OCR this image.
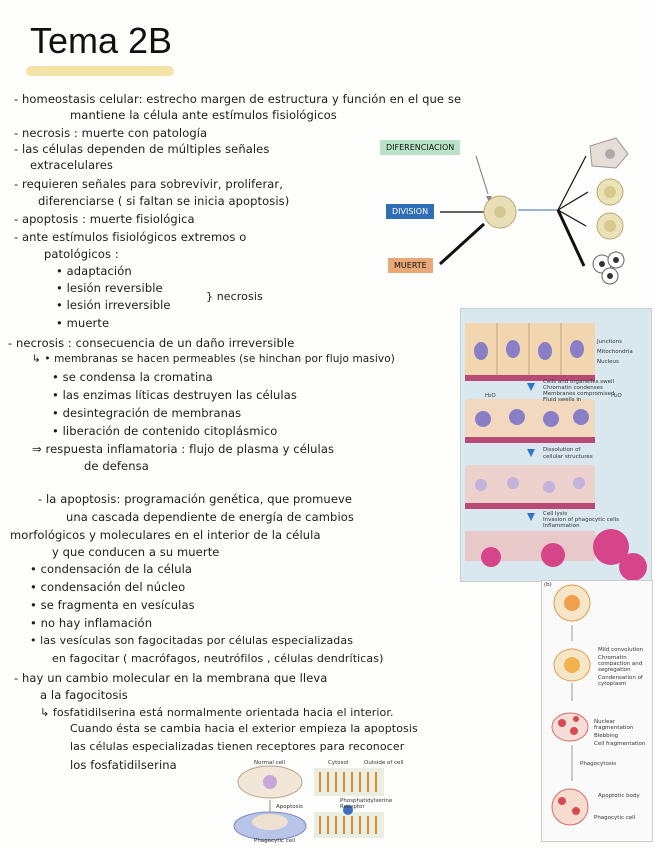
Tema 2B
- homeostasis celular: estrecho margen de estructura y función en el que se
mantiene la célula ante estímulos fisiológicos
- necrosis : muerte con patología
- las células dependen de múltiples señales
extracelulares
- requieren señales para sobrevivir, proliferar,
diferenciarse ( si faltan se inicia apoptosis)
- apoptosis : muerte fisiológica
- ante estímulos fisiológicos extremos o
patológicos :
• adaptación
• lesión reversible
• lesión irreversible
• muerte
} necrosis
- necrosis : consecuencia de un daño irreversible
↳ • membranas se hacen permeables (se hinchan por flujo masivo)
• se condensa la cromatina
• las enzimas líticas destruyen las células
• desintegración de membranas
• liberación de contenido citoplásmico
⇒ respuesta inflamatoria : flujo de plasma y células
de defensa
- la apoptosis: programación genética, que promueve
una cascada dependiente de energía de cambios
morfológicos y moleculares en el interior de la célula
y que conducen a su muerte
• condensación de la célula
• condensación del núcleo
• se fragmenta en vesículas
• no hay inflamación
• las vesículas son fagocitadas por células especializadas
en fagocitar ( macrófagos, neutrófilos , células dendríticas)
- hay un cambio molecular en la membrana que lleva
a la fagocitosis
↳ fosfatidilserina está normalmente orientada hacia el interior.
Cuando ésta se cambia hacia el exterior empieza la apoptosis
las células especializadas tienen receptores para reconocer
los fosfatidilserina
DIFERENCIACION
DIVISION
MUERTE
Junctions
Mitochondria
Nucleus
Cells and organelles swell
Chromatin condenses
Membranes compromised
Fluid swells in
H₂O	H₂O
Dissolution of
cellular structures
Cell lysis
Invasion of phagocytic cells
Inflammation
(b)
Mild convolution
Chromatin
compaction and
segregation
Condensation of
cytoplasm
Nuclear
fragmentation
Blebbing
Cell fragmentation
Phagocytosis
Apoptotic body
Phagocytic cell
Normal cell	Cytosol	Outside of cell
Phosphatidylserine
Apoptosis	Receptor
Phagocytic cell
